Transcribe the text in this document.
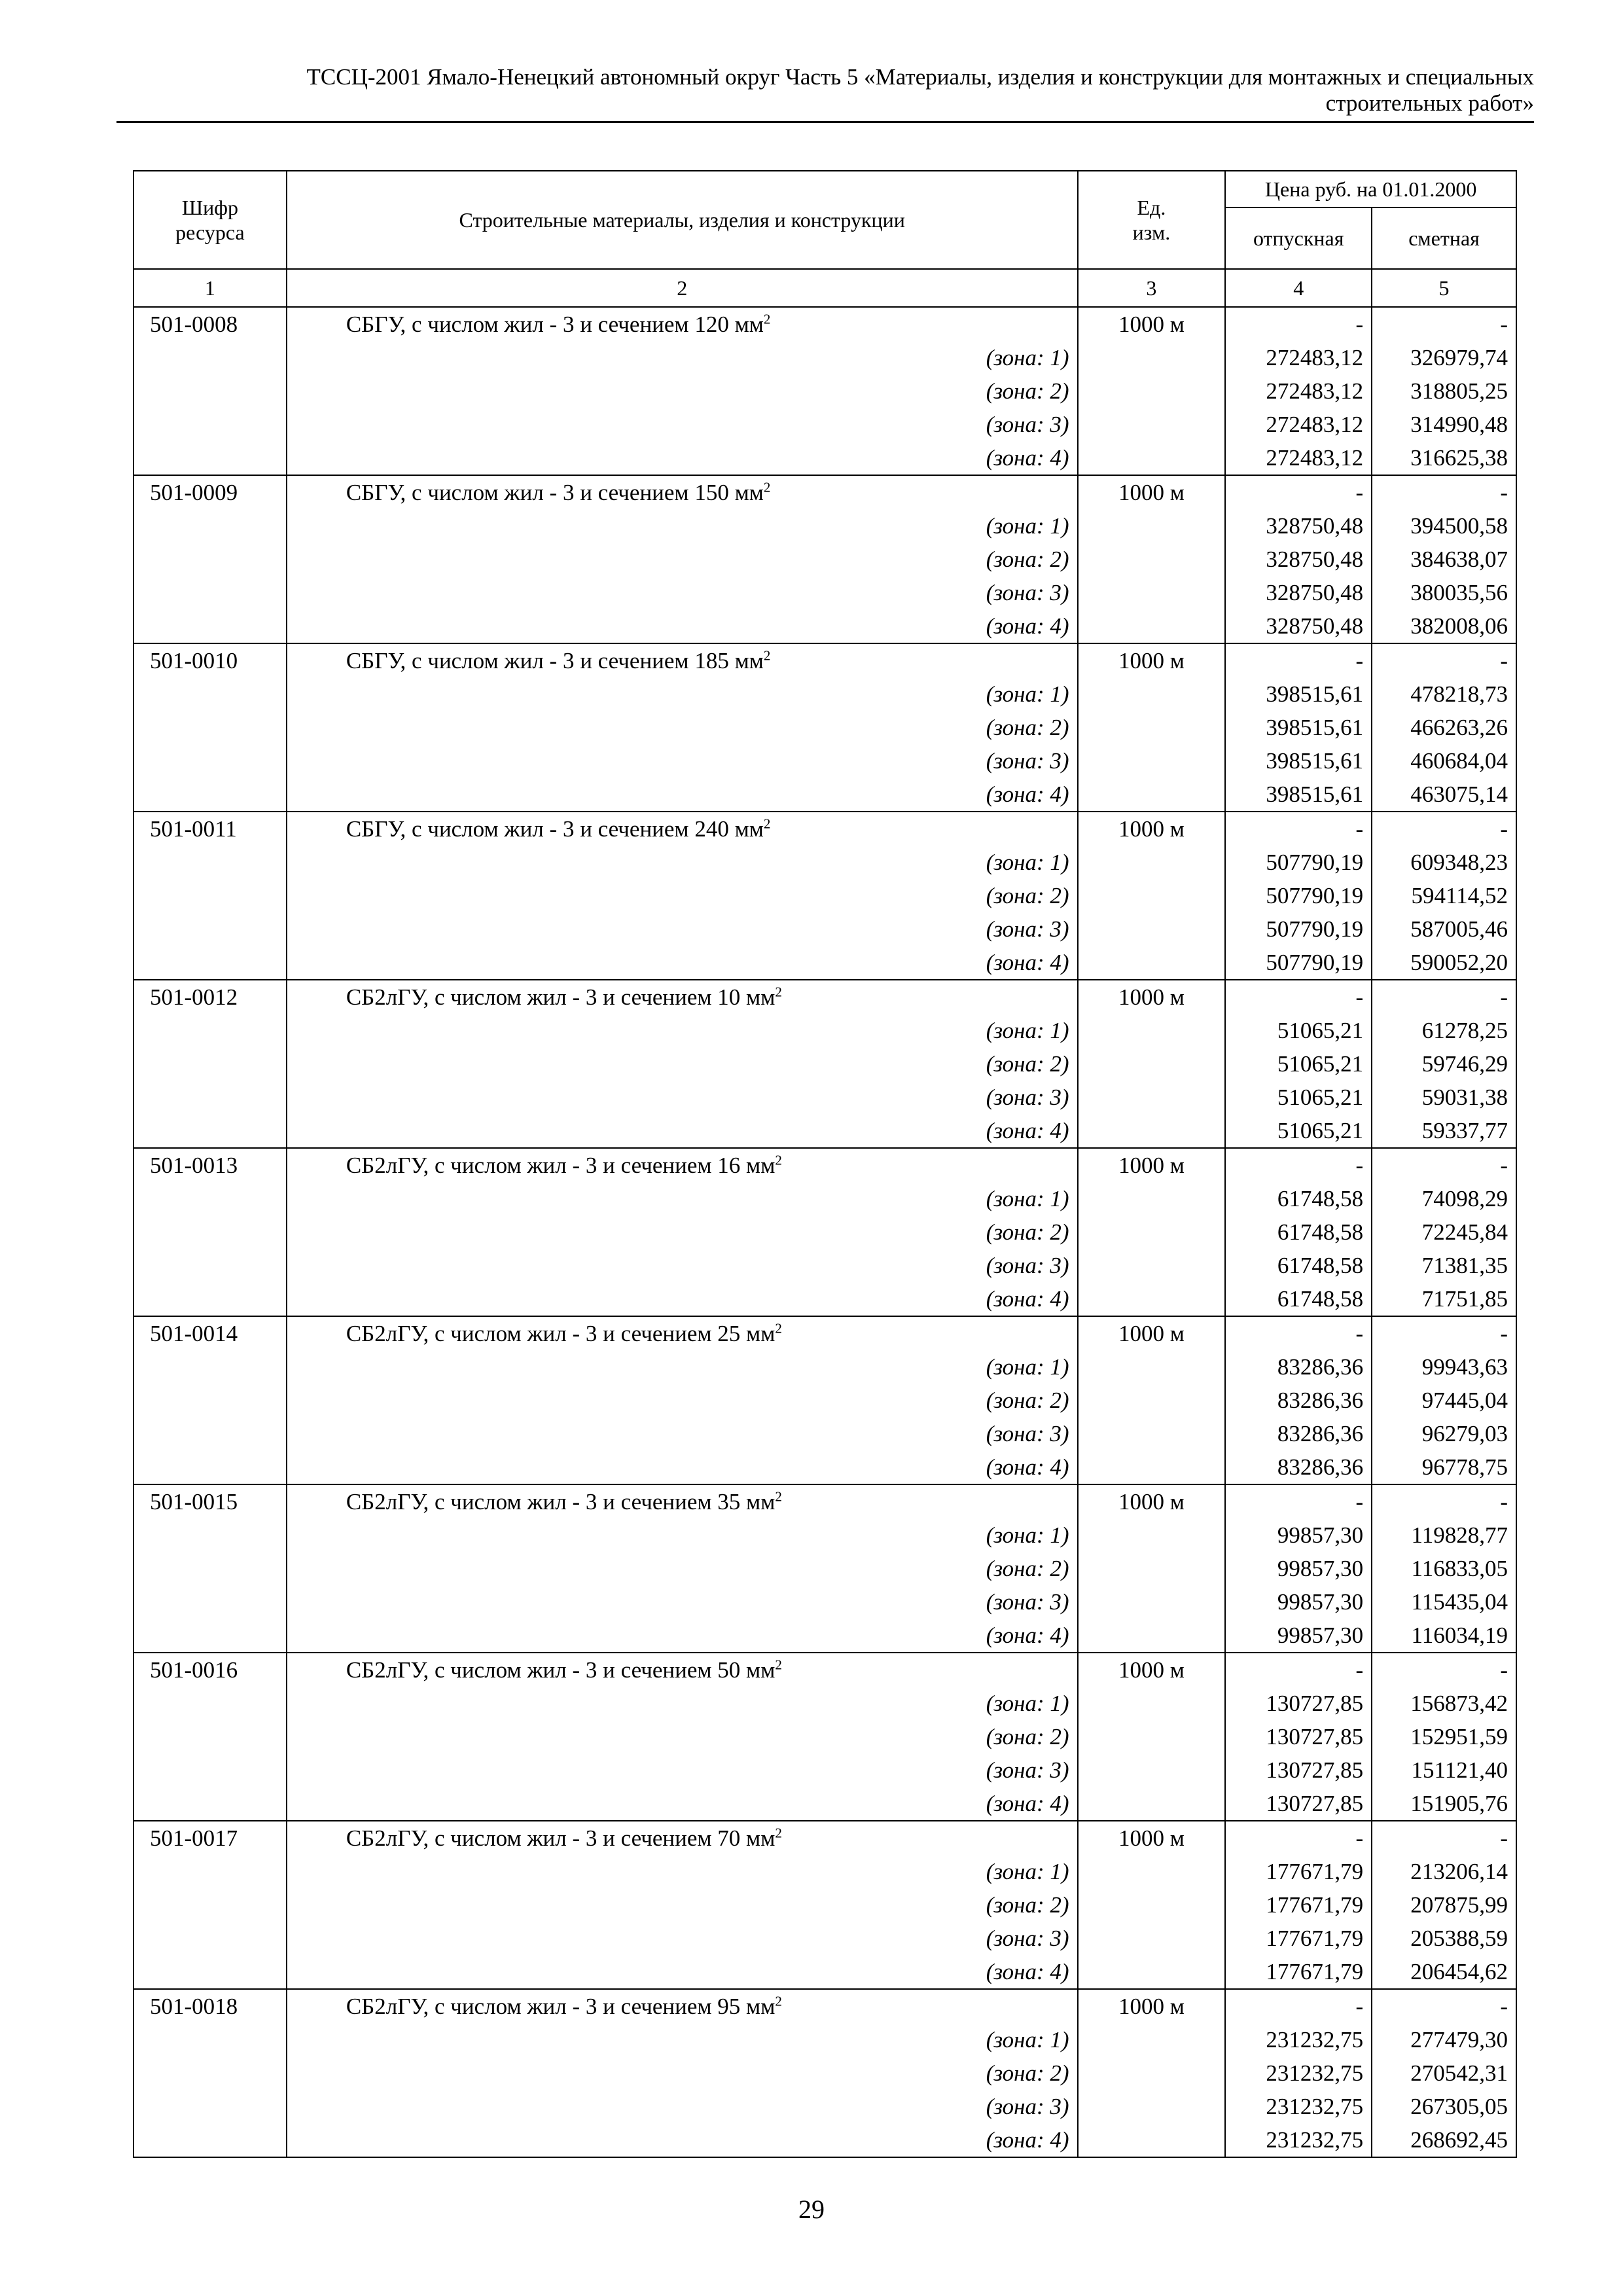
ТССЦ-2001 Ямало-Ненецкий автономный округ Часть 5 «Материалы, изделия и конструкции для монтажных и специальных
строительных работ»
Шифр
ресурса	Строительные материалы, изделия и конструкции	Ед.
изм.	Цена руб. на 01.01.2000	
			отпускная	сметная
1	2	3	4	5
501-0008	СБГУ, с числом жил - 3 и сечением 120 $мм^2$	1000 м	-	-
	(зона: 1)		272483,12	326979,74
	(зона: 2)		272483,12	318805,25
	(зона: 3)		272483,12	314990,48
	(зона: 4)		272483,12	316625,38
501-0009	СБГУ, с числом жил - 3 и сечением 150 $мм^2$	1000 м	-	-
	(зона: 1)		328750,48	394500,58
	(зона: 2)		328750,48	384638,07
	(зона: 3)		328750,48	380035,56
	(зона: 4)		328750,48	382008,06
501-0010	СБГУ, с числом жил - 3 и сечением 185 $мм^2$	1000 м	-	-
	(зона: 1)		398515,61	478218,73
	(зона: 2)		398515,61	466263,26
	(зона: 3)		398515,61	460684,04
	(зона: 4)		398515,61	463075,14
501-0011	СБГУ, с числом жил - 3 и сечением 240 $мм^2$	1000 м	-	-
	(зона: 1)		507790,19	609348,23
	(зона: 2)		507790,19	594114,52
	(зона: 3)		507790,19	587005,46
	(зона: 4)		507790,19	590052,20
501-0012	СБ2лГУ, с числом жил - 3 и сечением 10 $мм^2$	1000 м	-	-
	(зона: 1)		51065,21	61278,25
	(зона: 2)		51065,21	59746,29
	(зона: 3)		51065,21	59031,38
	(зона: 4)		51065,21	59337,77
501-0013	СБ2лГУ, с числом жил - 3 и сечением 16 $мм^2$	1000 м	-	-
	(зона: 1)		61748,58	74098,29
	(зона: 2)		61748,58	72245,84
	(зона: 3)		61748,58	71381,35
	(зона: 4)		61748,58	71751,85
501-0014	СБ2лГУ, с числом жил - 3 и сечением 25 $мм^2$	1000 м	-	-
	(зона: 1)		83286,36	99943,63
	(зона: 2)		83286,36	97445,04
	(зона: 3)		83286,36	96279,03
	(зона: 4)		83286,36	96778,75
501-0015	СБ2лГУ, с числом жил - 3 и сечением 35 $мм^2$	1000 м	-	-
	(зона: 1)		99857,30	119828,77
	(зона: 2)		99857,30	116833,05
	(зона: 3)		99857,30	115435,04
	(зона: 4)		99857,30	116034,19
501-0016	СБ2лГУ, с числом жил - 3 и сечением 50 $мм^2$	1000 м	-	-
	(зона: 1)		130727,85	156873,42
	(зона: 2)		130727,85	152951,59
	(зона: 3)		130727,85	151121,40
	(зона: 4)		130727,85	151905,76
501-0017	СБ2лГУ, с числом жил - 3 и сечением 70 $мм^2$	1000 м	-	-
	(зона: 1)		177671,79	213206,14
	(зона: 2)		177671,79	207875,99
	(зона: 3)		177671,79	205388,59
	(зона: 4)		177671,79	206454,62
501-0018	СБ2лГУ, с числом жил - 3 и сечением 95 $мм^2$	1000 м	-	-
	(зона: 1)		231232,75	277479,30
	(зона: 2)		231232,75	270542,31
	(зона: 3)		231232,75	267305,05
	(зона: 4)		231232,75	268692,45
29
